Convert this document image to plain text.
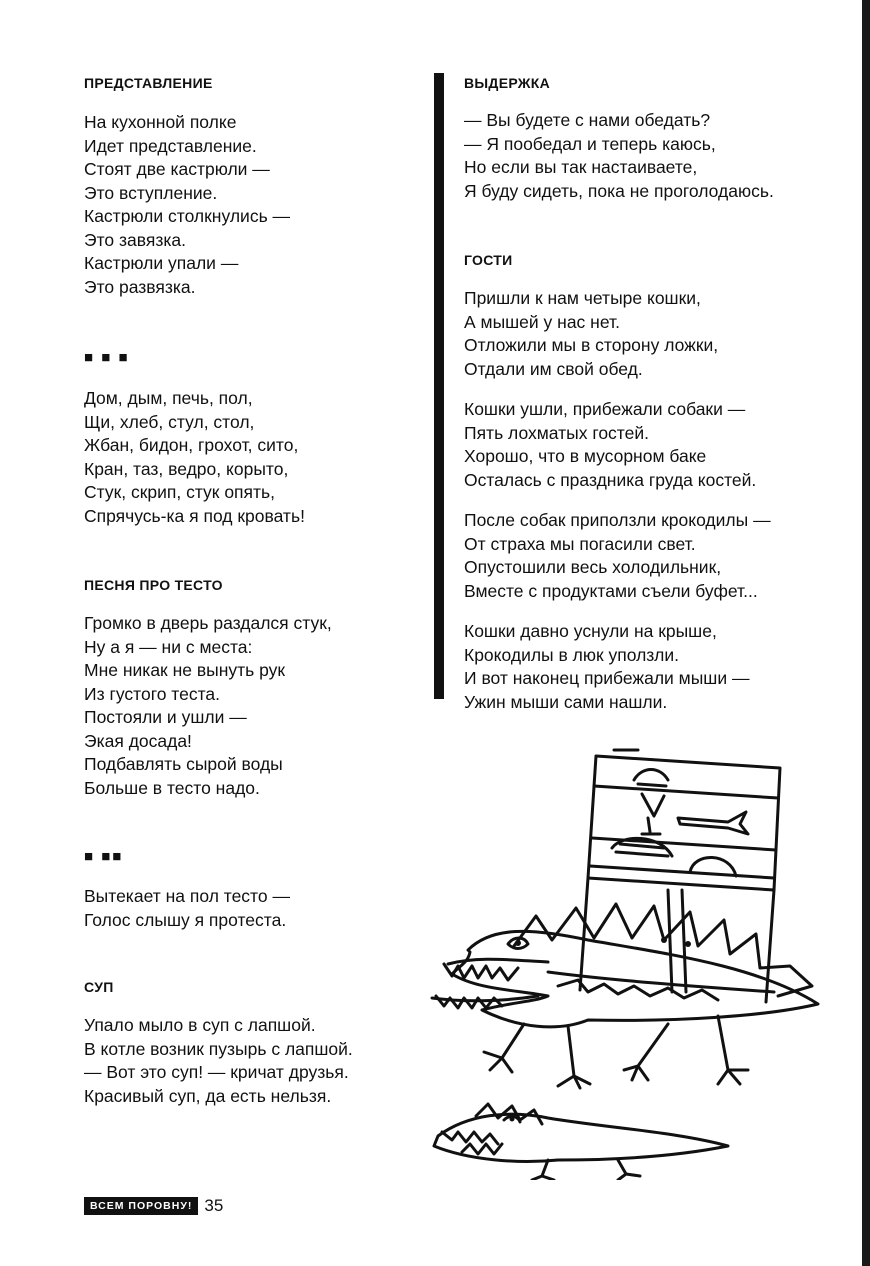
ПРЕДСТАВЛЕНИЕ
На кухонной полке
Идет представление.
Стоят две кастрюли —
Это вступление.
Кастрюли столкнулись —
Это завязка.
Кастрюли упали —
Это развязка.
■ ■ ■
Дом, дым, печь, пол,
Щи, хлеб, стул, стол,
Жбан, бидон, грохот, сито,
Кран, таз, ведро, корыто,
Стук, скрип, стук опять,
Спрячусь-ка я под кровать!
ПЕСНЯ ПРО ТЕСТО
Громко в дверь раздался стук,
Ну а я — ни с места:
Мне никак не вынуть рук
Из густого теста.
Постояли и ушли —
Экая досада!
Подбавлять сырой воды
Больше в тесто надо.
■ ■■
Вытекает на пол тесто —
Голос слышу я протеста.
СУП
Упало мыло в суп с лапшой.
В котле возник пузырь с лапшой.
— Вот это суп! — кричат друзья.
Красивый суп, да есть нельзя.
ВЫДЕРЖКА
— Вы будете с нами обедать?
— Я пообедал и теперь каюсь,
Но если вы так настаиваете,
Я буду сидеть, пока не проголодаюсь.
ГОСТИ
Пришли к нам четыре кошки,
А мышей у нас нет.
Отложили мы в сторону ложки,
Отдали им свой обед.
Кошки ушли, прибежали собаки —
Пять лохматых гостей.
Хорошо, что в мусорном баке
Осталась с праздника груда костей.
После собак приползли крокодилы —
От страха мы погасили свет.
Опустошили весь холодильник,
Вместе с продуктами съели буфет...
Кошки давно уснули на крыше,
Крокодилы в люк уползли.
И вот наконец прибежали мыши —
Ужин мыши сами нашли.
ВСЕМ ПОРОВНУ! 35
